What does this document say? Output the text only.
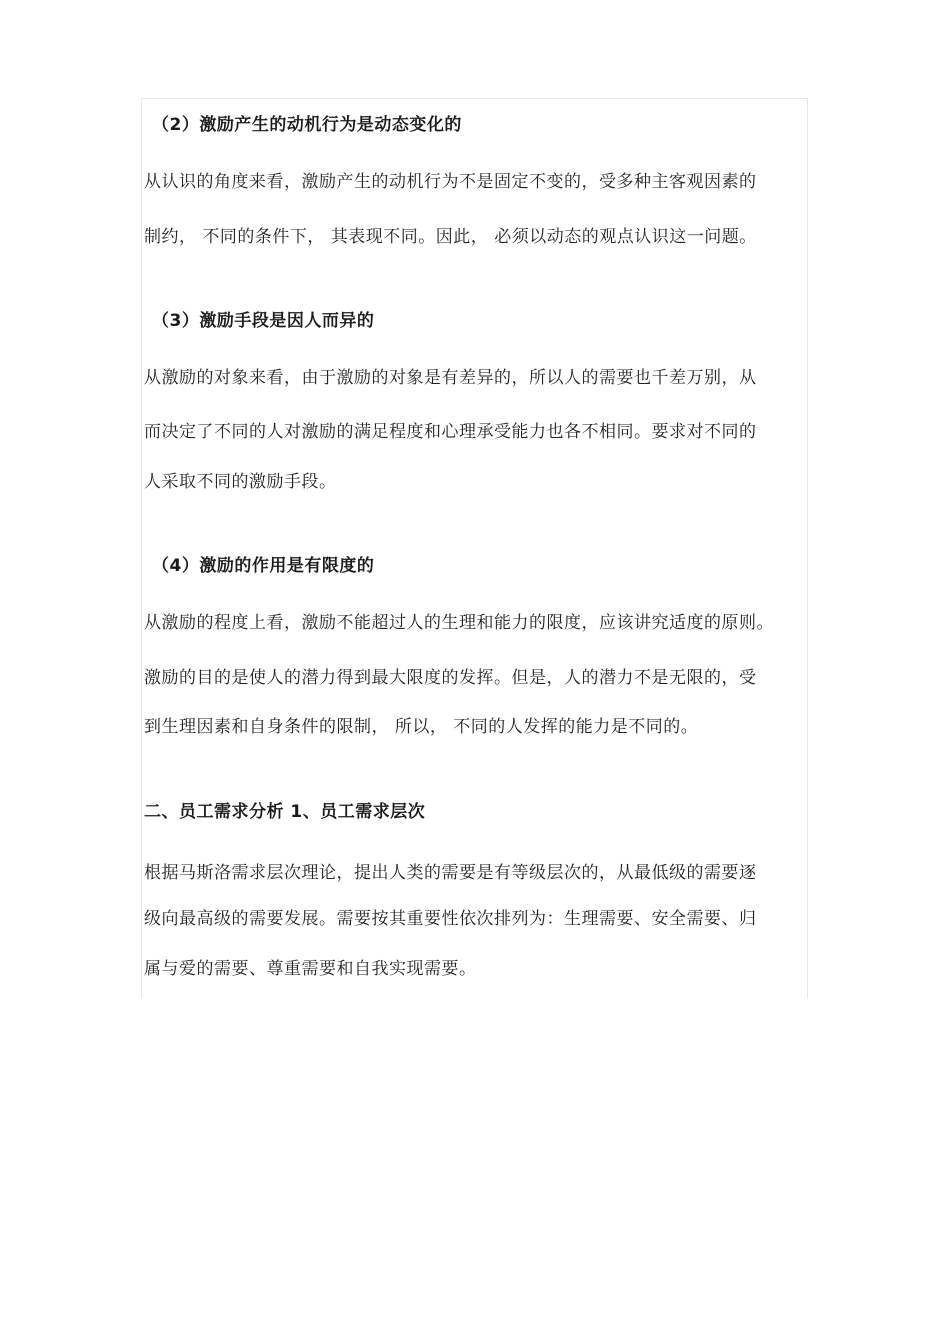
（2）激励产生的动机行为是动态变化的
从认识的角度来看，激励产生的动机行为不是固定不变的，受多种主客观因素的
制约， 不同的条件下， 其表现不同。因此， 必须以动态的观点认识这一问题。
（3）激励手段是因人而异的
从激励的对象来看，由于激励的对象是有差异的，所以人的需要也千差万别，从
而决定了不同的人对激励的满足程度和心理承受能力也各不相同。要求对不同的
人采取不同的激励手段。
（4）激励的作用是有限度的
从激励的程度上看，激励不能超过人的生理和能力的限度，应该讲究适度的原则。
激励的目的是使人的潜力得到最大限度的发挥。但是，人的潜力不是无限的，受
到生理因素和自身条件的限制， 所以， 不同的人发挥的能力是不同的。
二、员工需求分析 1、员工需求层次
根据马斯洛需求层次理论，提出人类的需要是有等级层次的，从最低级的需要逐
级向最高级的需要发展。需要按其重要性依次排列为：生理需要、安全需要、归
属与爱的需要、尊重需要和自我实现需要。
